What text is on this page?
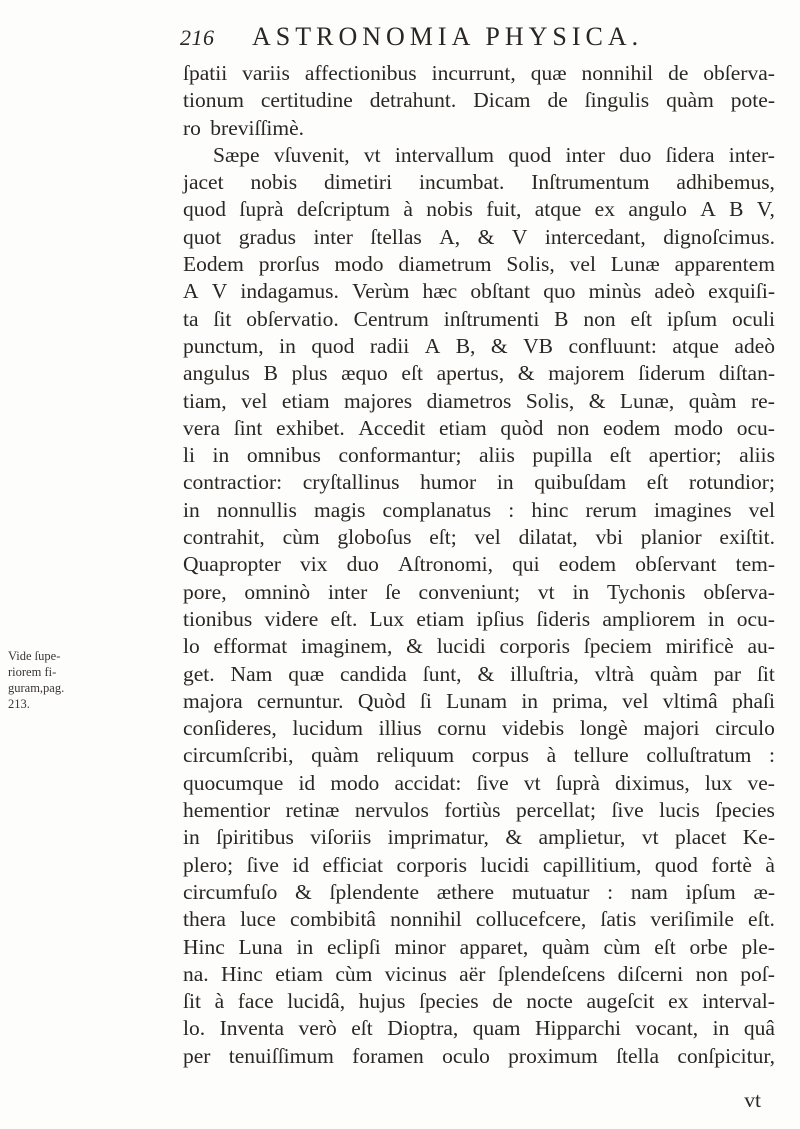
216	ASTRONOMIA PHYSICA.
Vide ſupe-
riorem fi-
guram,pag.
213.
ſpatii variis affectionibus incurrunt, quæ nonnihil de obſerva-
tionum certitudine detrahunt. Dicam de ſingulis quàm pote-
ro breviſſimè.
Sæpe vſuvenit, vt intervallum quod inter duo ſidera inter-
jacet nobis dimetiri incumbat. Inſtrumentum adhibemus,
quod ſuprà deſcriptum à nobis fuit, atque ex angulo A B V,
quot gradus inter ſtellas A, & V intercedant, dignoſcimus.
Eodem prorſus modo diametrum Solis, vel Lunæ apparentem
A V indagamus. Verùm hæc obſtant quo minùs adeò exquiſi-
ta ſit obſervatio. Centrum inſtrumenti B non eſt ipſum oculi
punctum, in quod radii A B, & VB confluunt: atque adeò
angulus B plus æquo eſt apertus, & majorem ſiderum diſtan-
tiam, vel etiam majores diametros Solis, & Lunæ, quàm re-
vera ſint exhibet. Accedit etiam quòd non eodem modo ocu-
li in omnibus conformantur; aliis pupilla eſt apertior; aliis
contractior: cryſtallinus humor in quibuſdam eſt rotundior;
in nonnullis magis complanatus : hinc rerum imagines vel
contrahit, cùm globoſus eſt; vel dilatat, vbi planior exiſtit.
Quapropter vix duo Aſtronomi, qui eodem obſervant tem-
pore, omninò inter ſe conveniunt; vt in Tychonis obſerva-
tionibus videre eſt. Lux etiam ipſius ſideris ampliorem in ocu-
lo efformat imaginem, & lucidi corporis ſpeciem mirificè au-
get. Nam quæ candida ſunt, & illuſtria, vltrà quàm par ſit
majora cernuntur. Quòd ſi Lunam in prima, vel vltimâ phaſi
conſideres, lucidum illius cornu videbis longè majori circulo
circumſcribi, quàm reliquum corpus à tellure colluſtratum :
quocumque id modo accidat: ſive vt ſuprà diximus, lux ve-
hementior retinæ nervulos fortiùs percellat; ſive lucis ſpecies
in ſpiritibus viſoriis imprimatur, & amplietur, vt placet Ke-
plero; ſive id efficiat corporis lucidi capillitium, quod fortè à
circumfuſo & ſplendente æthere mutuatur : nam ipſum æ-
thera luce combibitâ nonnihil collucefcere, ſatis veriſimile eſt.
Hinc Luna in eclipſi minor apparet, quàm cùm eſt orbe ple-
na. Hinc etiam cùm vicinus aër ſplendeſcens diſcerni non poſ-
ſit à face lucidâ, hujus ſpecies de nocte augeſcit ex interval-
lo. Inventa verò eſt Dioptra, quam Hipparchi vocant, in quâ
per tenuiſſimum foramen oculo proximum ſtella conſpicitur,
vt
